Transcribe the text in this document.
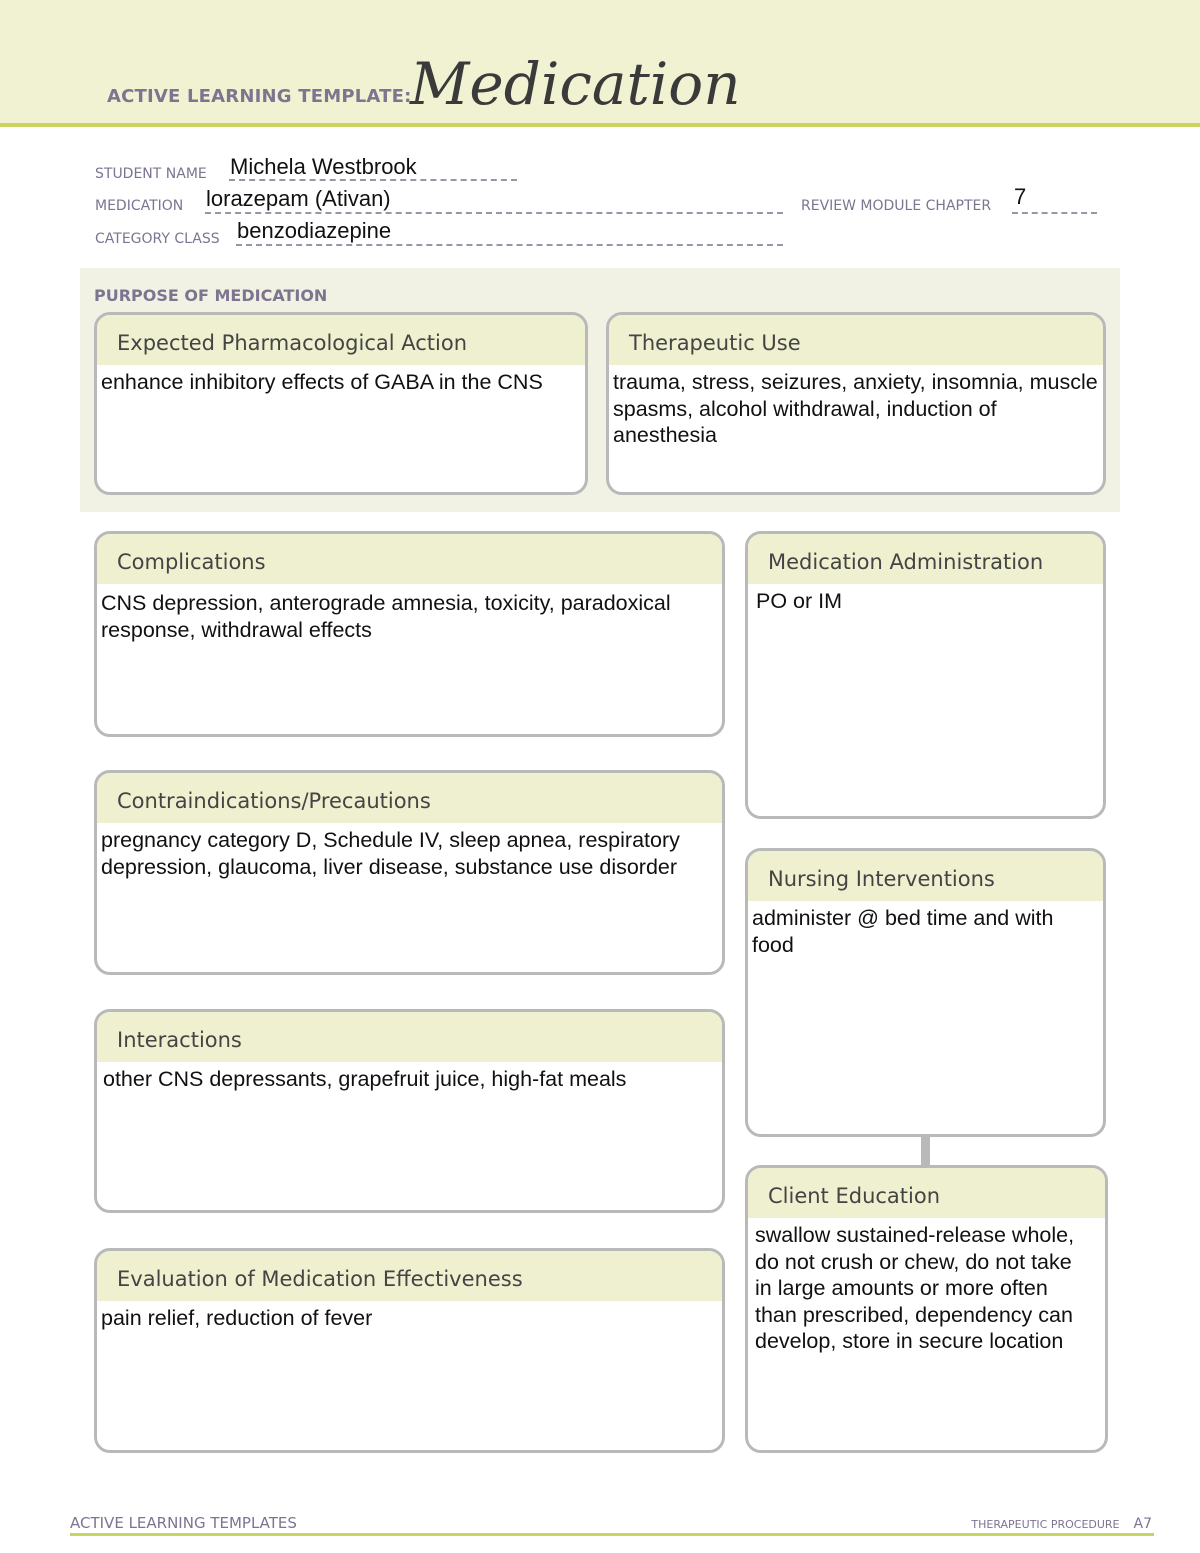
ACTIVE LEARNING TEMPLATE:
Medication
STUDENT NAME Michela Westbrook
MEDICATION lorazepam (Ativan)	REVIEW MODULE CHAPTER 7
CATEGORY CLASS benzodiazepine
PURPOSE OF MEDICATION
Expected Pharmacological Action
enhance inhibitory effects of GABA in the CNS
Therapeutic Use
trauma, stress, seizures, anxiety, insomnia, muscle spasms, alcohol withdrawal, induction of anesthesia
Complications
CNS depression, anterograde amnesia, toxicity, paradoxical response, withdrawal effects
Medication Administration
PO or IM
Contraindications/Precautions
pregnancy category D, Schedule IV, sleep apnea, respiratory depression, glaucoma, liver disease, substance use disorder
Nursing Interventions
administer @ bed time and with food
Interactions
other CNS depressants, grapefruit juice, high-fat meals
Client Education
swallow sustained-release whole, do not crush or chew, do not take in large amounts or more often than prescribed, dependency can develop, store in secure location
Evaluation of Medication Effectiveness
pain relief, reduction of fever
ACTIVE LEARNING TEMPLATES	THERAPEUTIC PROCEDURE A7
